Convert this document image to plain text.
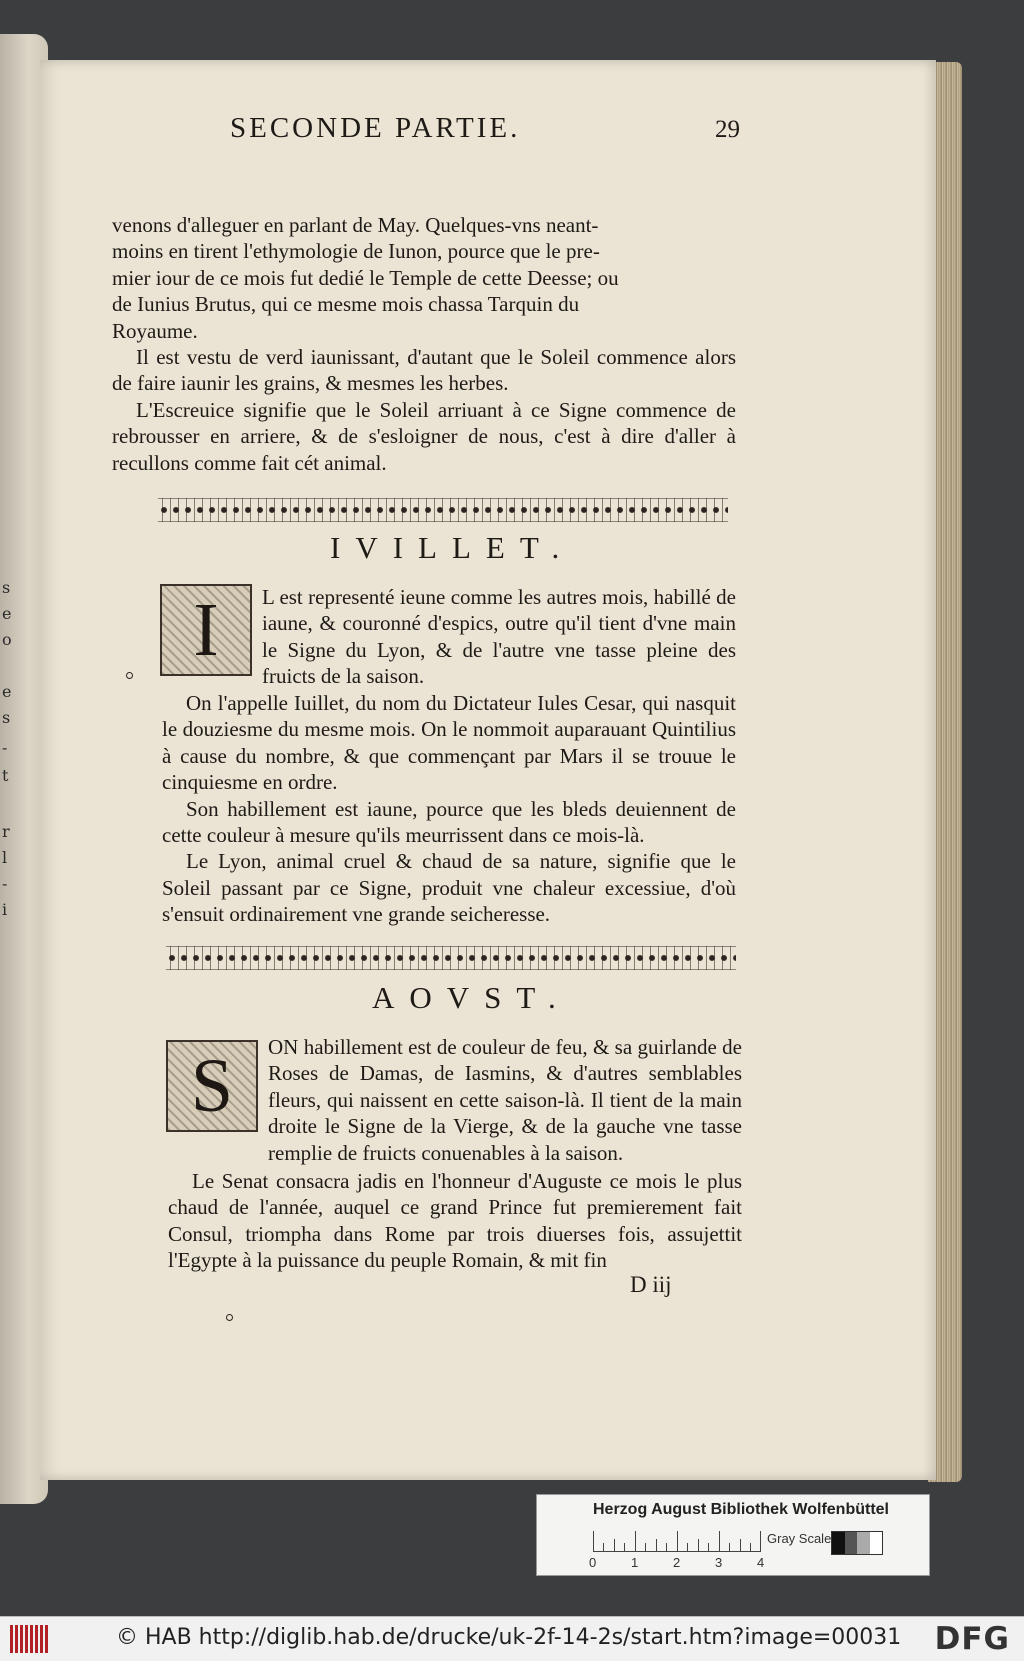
s
e
o
e
s
-
t
r
l
-
i
SECONDE PARTIE.	29

venons d'alleguer en parlant de May. Quelques-vns neant-

moins en tirent l'ethymologie de Iunon, pource que le pre-

mier iour de ce mois fut dedié le Temple de cette Deesse; ou

de Iunius Brutus, qui ce mesme mois chassa Tarquin du

Royaume.

Il est vestu de verd iaunissant, d'autant que le Soleil commence alors de faire iaunir les grains, & mesmes les herbes.

L'Escreuice signifie que le Soleil arriuant à ce Signe commence de rebrousser en arriere, & de s'esloigner de nous, c'est à dire d'aller à recullons comme fait cét animal.

IVILLET.
I	L est representé ieune comme les autres mois, habillé de iaune, & couronné d'espics, outre qu'il tient d'vne main le Signe du Lyon, & de l'autre vne tasse pleine des fruicts de la saison.

On l'appelle Iuillet, du nom du Dictateur Iules Cesar, qui nasquit le douziesme du mesme mois. On le nommoit auparauant Quintilius à cause du nombre, & que commençant par Mars il se trouue le cinquiesme en ordre.

Son habillement est iaune, pource que les bleds deuiennent de cette couleur à mesure qu'ils meurrissent dans ce mois-là.

Le Lyon, animal cruel & chaud de sa nature, signifie que le Soleil passant par ce Signe, produit vne chaleur excessiue, d'où s'ensuit ordinairement vne grande seicheresse.

AOVST.
S	ON habillement est de couleur de feu, & sa guirlande de Roses de Damas, de Iasmins, & d'autres semblables fleurs, qui naissent en cette saison-là. Il tient de la main droite le Signe de la Vierge, & de la gauche vne tasse remplie de fruicts conuenables à la saison.

Le Senat consacra jadis en l'honneur d'Auguste ce mois le plus chaud de l'année, auquel ce grand Prince fut premierement fait Consul, triompha dans Rome par trois diuerses fois, assujettit l'Egypte à la puissance du peuple Romain, & mit fin

D iij
Herzog August Bibliothek Wolfenbüttel
0	1	2	3	4
Gray Scale
© HAB http://diglib.hab.de/drucke/uk-2f-14-2s/start.htm?image=00031 DFG
